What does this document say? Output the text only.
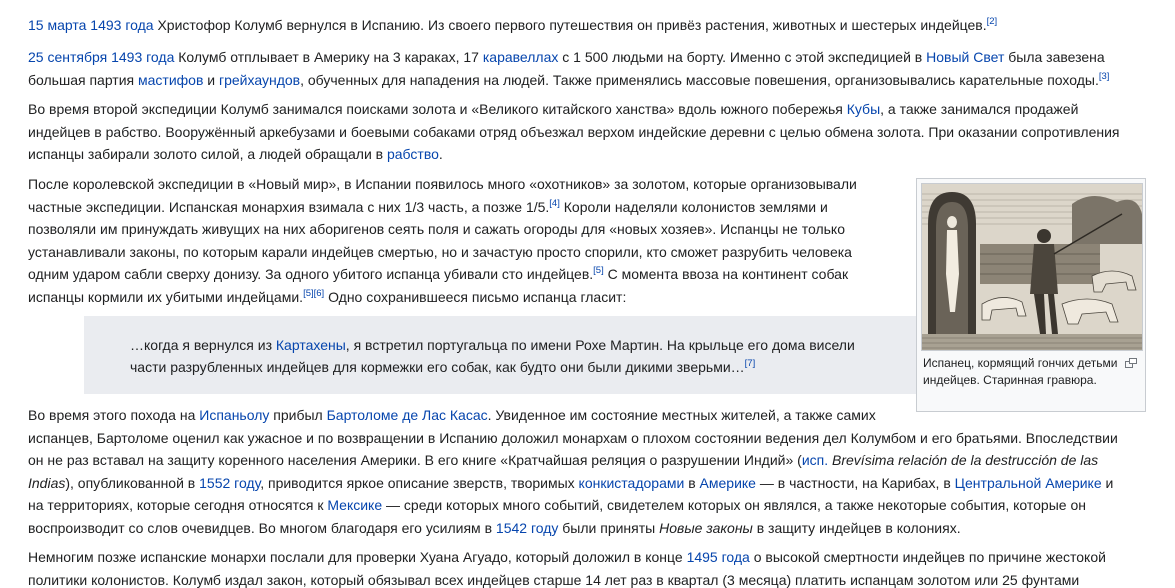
15 марта 1493 года Христофор Колумб вернулся в Испанию. Из своего первого путешествия он привёз растения, животных и шестерых индейцев.[2]

25 сентября 1493 года Колумб отплывает в Америку на 3 караках, 17 каравеллах с 1 500 людьми на борту. Именно с этой экспедицией в Новый Свет была завезена
большая партия мастифов и грейхаундов, обученных для нападения на людей. Также применялись массовые повешения, организовывались карательные походы.[3]

Во время второй экспедиции Колумб занимался поисками золота и «Великого китайского ханства» вдоль южного побережья Кубы, а также занимался продажей
индейцев в рабство. Вооружённый аркебузами и боевыми собаками отряд объезжал верхом индейские деревни с целью обмена золота. При оказании сопротивления
испанцы забирали золото силой, а людей обращали в рабство.

После королевской экспедиции в «Новый мир», в Испании появилось много «охотников» за золотом, которые организовывали
частные экспедиции. Испанская монархия взимала с них 1/3 часть, а позже 1/5.[4] Короли наделяли колонистов землями и
позволяли им принуждать живущих на них аборигенов сеять поля и сажать огороды для «новых хозяев». Испанцы не только
устанавливали законы, по которым карали индейцев смертью, но и зачастую просто спорили, кто сможет разрубить человека
одним ударом сабли сверху донизу. За одного убитого испанца убивали сто индейцев.[5] С момента ввоза на континент собак
испанцы кормили их убитыми индейцами.[5][6] Одно сохранившееся письмо испанца гласит:

…когда я вернулся из Картахены, я встретил португальца по имени Рохе Мартин. На крыльце его дома висели
части разрубленных индейцев для кормежки его собак, как будто они были дикими зверьми…[7]	Испанец, кормящий гончих детьми индейцев. Старинная гравюра.

Во время этого похода на Испаньолу прибыл Бартоломе де Лас Касас. Увиденное им состояние местных жителей, а также самих
испанцев, Бартоломе оценил как ужасное и по возвращении в Испанию доложил монархам о плохом состоянии ведения дел Колумбом и его братьями. Впоследствии
он не раз вставал на защиту коренного населения Америки. В его книге «Кратчайшая реляция о разрушении Индий» (исп. Brevísima relación de la destrucción de las
Indias), опубликованной в 1552 году, приводится яркое описание зверств, творимых конкистадорами в Америке — в частности, на Карибах, в Центральной Америке и
на территориях, которые сегодня относятся к Мексике — среди которых много событий, свидетелем которых он являлся, а также некоторые события, которые он
воспроизводит со слов очевидцев. Во многом благодаря его усилиям в 1542 году были приняты Новые законы в защиту индейцев в колониях.

Немногим позже испанские монархи послали для проверки Хуана Агуадо, который доложил в конце 1495 года о высокой смертности индейцев по причине жестокой
политики колонистов. Колумб издал закон, который обязывал всех индейцев старше 14 лет раз в квартал (3 месяца) платить испанцам золотом или 25 фунтами
